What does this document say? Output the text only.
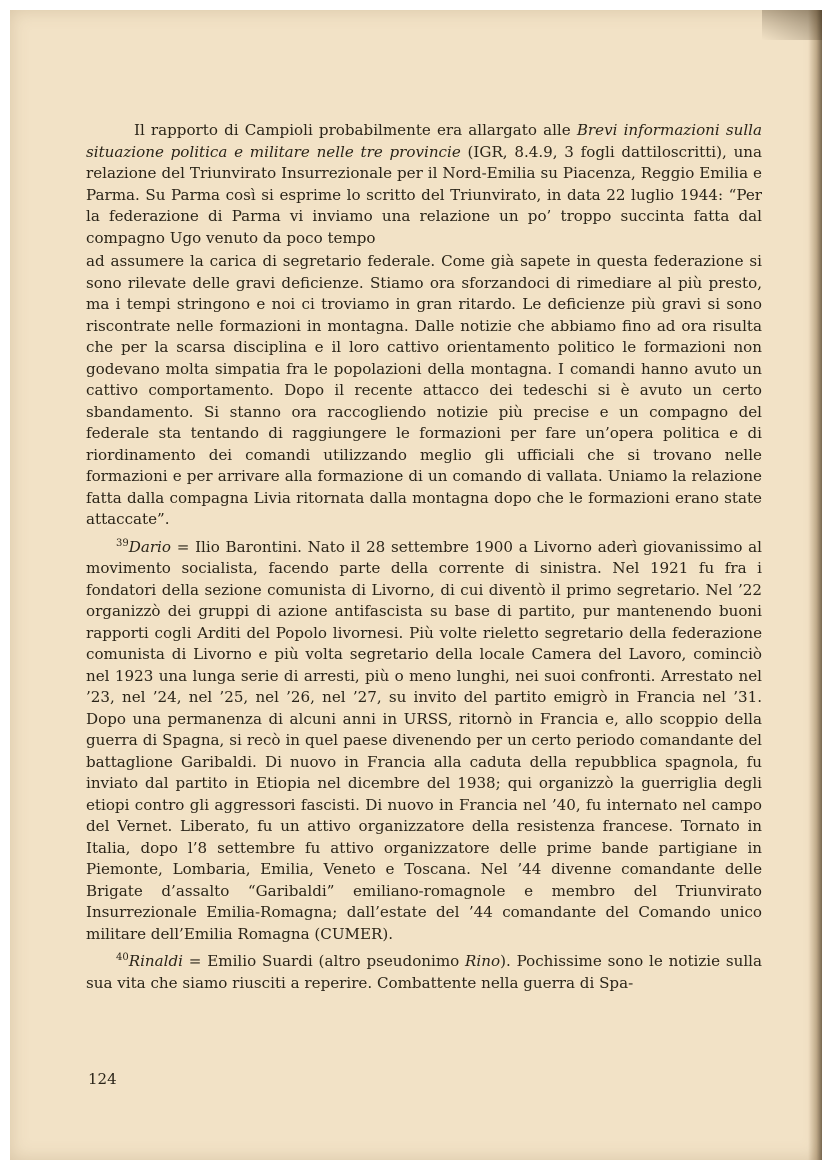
Il rapporto di Campioli probabilmente era allargato alle Brevi informazioni sulla situazione politica e militare nelle tre provincie (IGR, 8.4.9, 3 fogli dattiloscritti), una relazione del Triunvirato Insurrezionale per il Nord-Emilia su Piacenza, Reggio Emilia e Parma. Su Parma così si esprime lo scritto del Triunvirato, in data 22 luglio 1944: “Per la federazione di Parma vi inviamo una relazione un po’ troppo succinta fatta dal compagno Ugo venuto da poco tempo

ad assumere la carica di segretario federale. Come già sapete in questa federazione si sono rilevate delle gravi deficienze. Stiamo ora sforzandoci di rimediare al più presto, ma i tempi stringono e noi ci troviamo in gran ritardo. Le deficienze più gravi si sono riscontrate nelle formazioni in montagna. Dalle notizie che abbiamo fino ad ora risulta che per la scarsa disciplina e il loro cattivo orientamento politico le formazioni non godevano molta simpatia fra le popolazioni della montagna. I comandi hanno avuto un cattivo comportamento. Dopo il recente attacco dei tedeschi si è avuto un certo sbandamento. Si stanno ora raccogliendo notizie più precise e un compagno del federale sta tentando di raggiungere le formazioni per fare un’opera politica e di riordinamento dei comandi utilizzando meglio gli ufficiali che si trovano nelle formazioni e per arrivare alla formazione di un comando di vallata. Uniamo la relazione fatta dalla compagna Livia ritornata dalla montagna dopo che le formazioni erano state attaccate”.

$^{39}$Dario = Ilio Barontini. Nato il 28 settembre 1900 a Livorno aderì giovanissimo al movimento socialista, facendo parte della corrente di sinistra. Nel 1921 fu fra i fondatori della sezione comunista di Livorno, di cui diventò il primo segretario. Nel ’22 organizzò dei gruppi di azione antifascista su base di partito, pur mantenendo buoni rapporti cogli Arditi del Popolo livornesi. Più volte rieletto segretario della federazione comunista di Livorno e più volta segretario della locale Camera del Lavoro, cominciò nel 1923 una lunga serie di arresti, più o meno lunghi, nei suoi confronti. Arrestato nel ’23, nel ’24, nel ’25, nel ’26, nel ’27, su invito del partito emigrò in Francia nel ’31. Dopo una permanenza di alcuni anni in URSS, ritornò in Francia e, allo scoppio della guerra di Spagna, si recò in quel paese divenendo per un certo periodo comandante del battaglione Garibaldi. Di nuovo in Francia alla caduta della repubblica spagnola, fu inviato dal partito in Etiopia nel dicembre del 1938; qui organizzò la guerriglia degli etiopi contro gli aggressori fascisti. Di nuovo in Francia nel ’40, fu internato nel campo del Vernet. Liberato, fu un attivo organizzatore della resistenza francese. Tornato in Italia, dopo l’8 settembre fu attivo organizzatore delle prime bande partigiane in Piemonte, Lombaria, Emilia, Veneto e Toscana. Nel ’44 divenne comandante delle Brigate d’assalto “Garibaldi” emiliano-romagnole e membro del Triunvirato Insurrezionale Emilia-Romagna; dall’estate del ’44 comandante del Comando unico militare dell’Emilia Romagna (CUMER).

$^{40}$Rinaldi = Emilio Suardi (altro pseudonimo Rino). Pochissime sono le notizie sulla sua vita che siamo riusciti a reperire. Combattente nella guerra di Spa-

124
